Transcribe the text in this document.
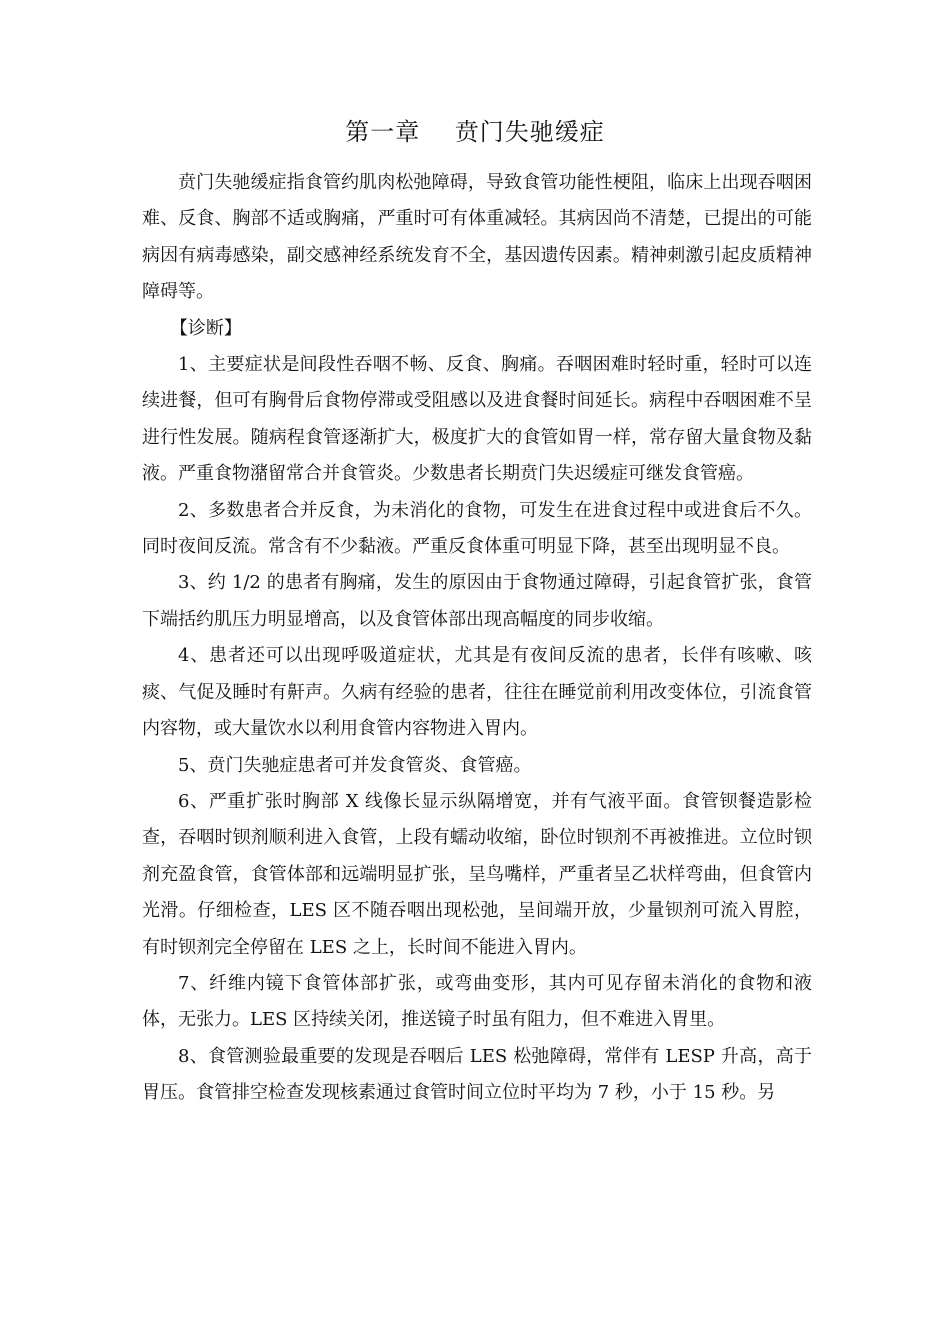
第一章    贲门失驰缓症

贲门失驰缓症指食管约肌肉松弛障碍，导致食管功能性梗阻，临床上出现吞咽困难、反食、胸部不适或胸痛，严重时可有体重减轻。其病因尚不清楚，已提出的可能病因有病毒感染，副交感神经系统发育不全，基因遗传因素。精神刺激引起皮质精神障碍等。

【诊断】

1、主要症状是间段性吞咽不畅、反食、胸痛。吞咽困难时轻时重，轻时可以连续进餐，但可有胸骨后食物停滞或受阻感以及进食餐时间延长。病程中吞咽困难不呈进行性发展。随病程食管逐渐扩大，极度扩大的食管如胃一样，常存留大量食物及黏液。严重食物潴留常合并食管炎。少数患者长期贲门失迟缓症可继发食管癌。

2、多数患者合并反食，为未消化的食物，可发生在进食过程中或进食后不久。同时夜间反流。常含有不少黏液。严重反食体重可明显下降，甚至出现明显不良。

3、约 1/2 的患者有胸痛，发生的原因由于食物通过障碍，引起食管扩张，食管下端括约肌压力明显增高，以及食管体部出现高幅度的同步收缩。

4、患者还可以出现呼吸道症状，尤其是有夜间反流的患者，长伴有咳嗽、咳痰、气促及睡时有鼾声。久病有经验的患者，往往在睡觉前利用改变体位，引流食管内容物，或大量饮水以利用食管内容物进入胃内。

5、贲门失驰症患者可并发食管炎、食管癌。

6、严重扩张时胸部 X 线像长显示纵隔增宽，并有气液平面。食管钡餐造影检查，吞咽时钡剂顺利进入食管，上段有蠕动收缩，卧位时钡剂不再被推进。立位时钡剂充盈食管，食管体部和远端明显扩张，呈鸟嘴样，严重者呈乙状样弯曲，但食管内光滑。仔细检查，LES 区不随吞咽出现松弛，呈间端开放，少量钡剂可流入胃腔，有时钡剂完全停留在 LES 之上，长时间不能进入胃内。

7、纤维内镜下食管体部扩张，或弯曲变形，其内可见存留未消化的食物和液体，无张力。LES 区持续关闭，推送镜子时虽有阻力，但不难进入胃里。

8、食管测验最重要的发现是吞咽后 LES 松弛障碍，常伴有 LESP 升高，高于胃压。食管排空检查发现核素通过食管时间立位时平均为 7 秒，小于 15 秒。另
